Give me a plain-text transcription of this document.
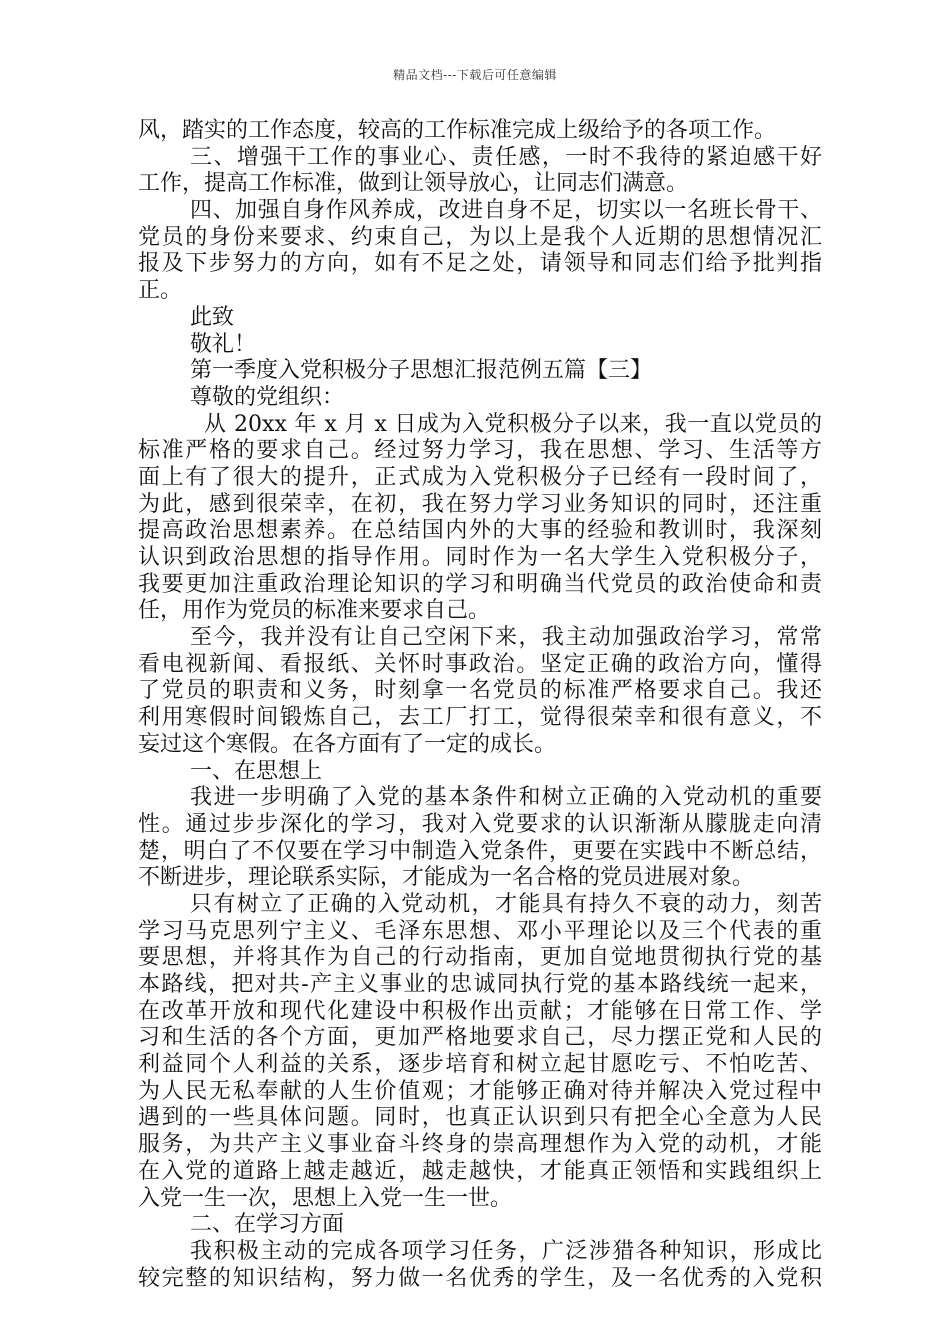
精品文档---下载后可任意编辑
风，踏实的工作态度，较高的工作标准完成上级给予的各项工作。
三、增强干工作的事业心、责任感，一时不我待的紧迫感干好
工作，提高工作标准，做到让领导放心，让同志们满意。
四、加强自身作风养成，改进自身不足，切实以一名班长骨干、
党员的身份来要求、约束自己，为以上是我个人近期的思想情况汇
报及下步努力的方向，如有不足之处，请领导和同志们给予批判指
正。
此致
敬礼！
第一季度入党积极分子思想汇报范例五篇【三】
尊敬的党组织：
从 20xx 年 x 月 x 日成为入党积极分子以来，我一直以党员的
标准严格的要求自己。经过努力学习，我在思想、学习、生活等方
面上有了很大的提升，正式成为入党积极分子已经有一段时间了，
为此，感到很荣幸，在初，我在努力学习业务知识的同时，还注重
提高政治思想素养。在总结国内外的大事的经验和教训时，我深刻
认识到政治思想的指导作用。同时作为一名大学生入党积极分子，
我要更加注重政治理论知识的学习和明确当代党员的政治使命和责
任，用作为党员的标准来要求自己。
至今，我并没有让自己空闲下来，我主动加强政治学习，常常
看电视新闻、看报纸、关怀时事政治。坚定正确的政治方向，懂得
了党员的职责和义务，时刻拿一名党员的标准严格要求自己。我还
利用寒假时间锻炼自己，去工厂打工，觉得很荣幸和很有意义，不
妄过这个寒假。在各方面有了一定的成长。
一、在思想上
我进一步明确了入党的基本条件和树立正确的入党动机的重要
性。通过步步深化的学习，我对入党要求的认识渐渐从朦胧走向清
楚，明白了不仅要在学习中制造入党条件，更要在实践中不断总结，
不断进步，理论联系实际，才能成为一名合格的党员进展对象。
只有树立了正确的入党动机，才能具有持久不衰的动力，刻苦
学习马克思列宁主义、毛泽东思想、邓小平理论以及三个代表的重
要思想，并将其作为自己的行动指南，更加自觉地贯彻执行党的基
本路线，把对共-产主义事业的忠诚同执行党的基本路线统一起来，
在改革开放和现代化建设中积极作出贡献；才能够在日常工作、学
习和生活的各个方面，更加严格地要求自己，尽力摆正党和人民的
利益同个人利益的关系，逐步培育和树立起甘愿吃亏、不怕吃苦、
为人民无私奉献的人生价值观；才能够正确对待并解决入党过程中
遇到的一些具体问题。同时，也真正认识到只有把全心全意为人民
服务，为共产主义事业奋斗终身的崇高理想作为入党的动机，才能
在入党的道路上越走越近，越走越快，才能真正领悟和实践组织上
入党一生一次，思想上入党一生一世。
二、在学习方面
我积极主动的完成各项学习任务，广泛涉猎各种知识，形成比
较完整的知识结构，努力做一名优秀的学生，及一名优秀的入党积
